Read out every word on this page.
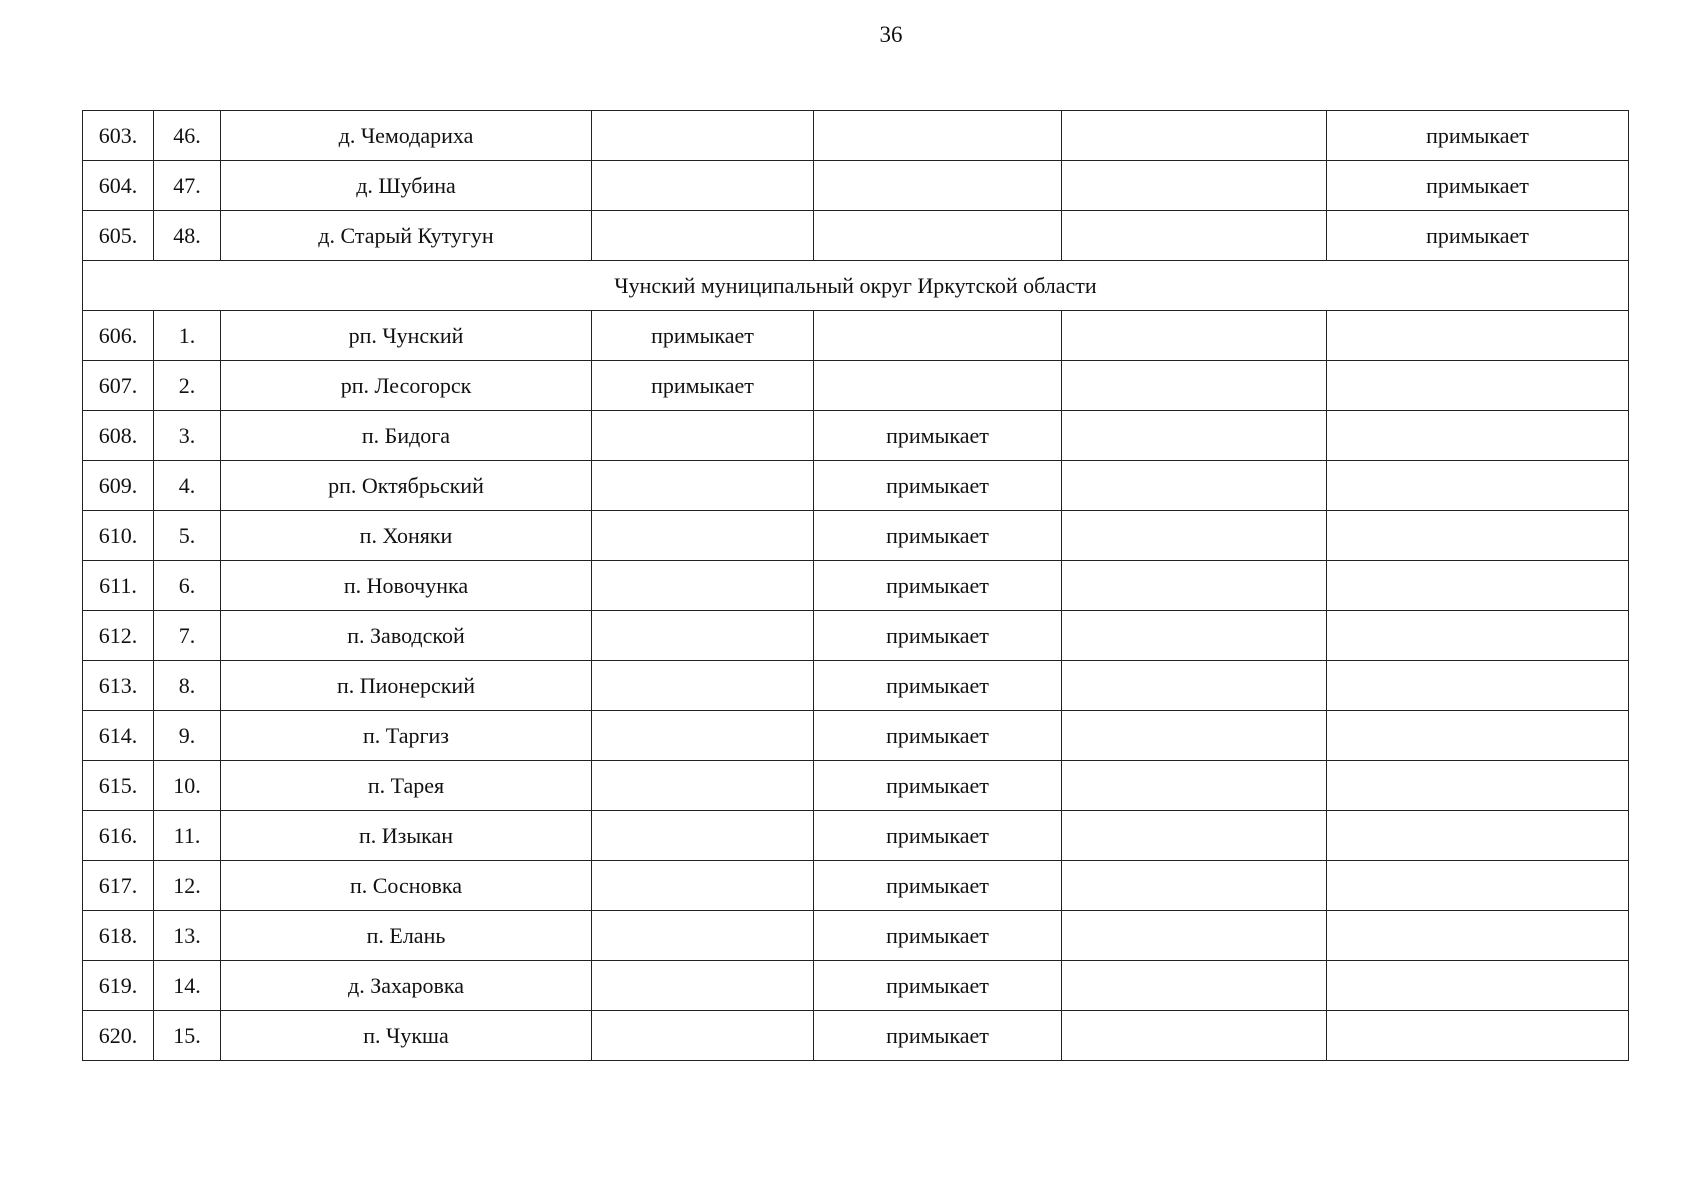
36
603.	46.	д. Чемодариха				примыкает
604.	47.	д. Шубина				примыкает
605.	48.	д. Старый Кутугун				примыкает
Чунский муниципальный округ Иркутской области						
606.	1.	рп. Чунский	примыкает			
607.	2.	рп. Лесогорск	примыкает			
608.	3.	п. Бидога		примыкает		
609.	4.	рп. Октябрьский		примыкает		
610.	5.	п. Хоняки		примыкает		
611.	6.	п. Новочунка		примыкает		
612.	7.	п. Заводской		примыкает		
613.	8.	п. Пионерский		примыкает		
614.	9.	п. Таргиз		примыкает		
615.	10.	п. Тарея		примыкает		
616.	11.	п. Изыкан		примыкает		
617.	12.	п. Сосновка		примыкает		
618.	13.	п. Елань		примыкает		
619.	14.	д. Захаровка		примыкает		
620.	15.	п. Чукша		примыкает		
